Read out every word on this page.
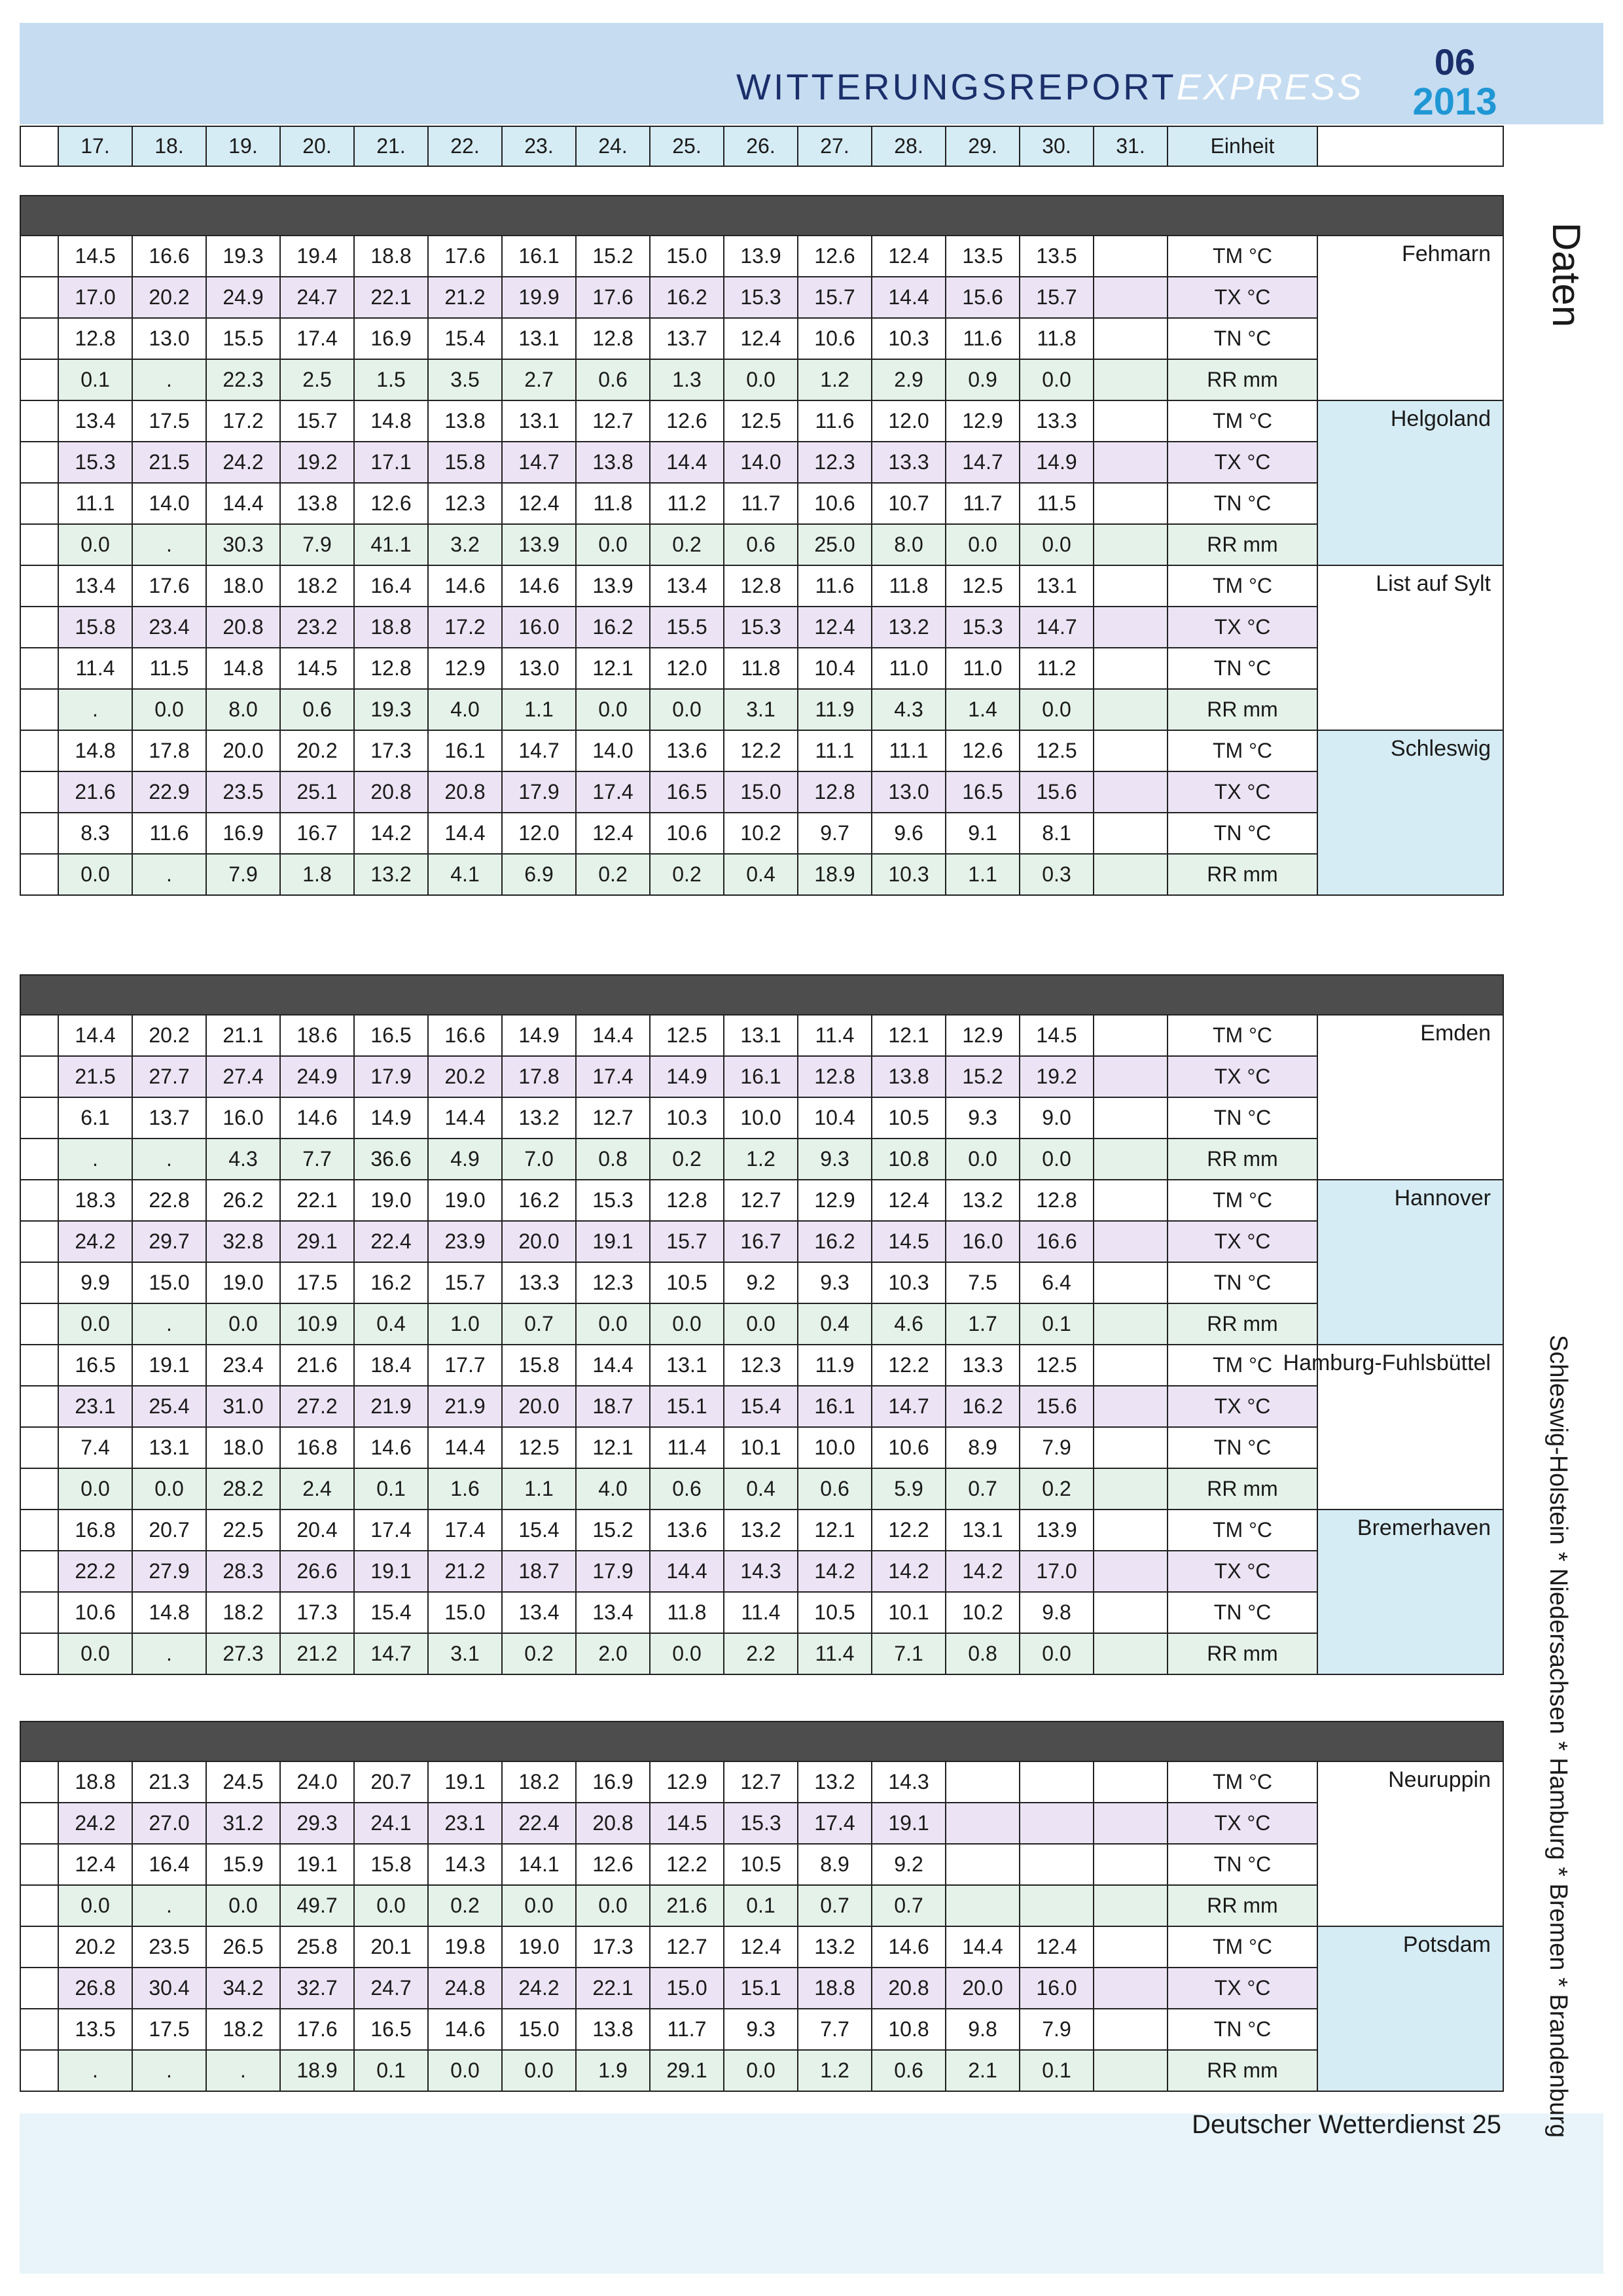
WITTERUNGSREPORTEXPRESS
06
2013
Daten
Schleswig-Holstein * Niedersachsen * Hamburg * Bremen * Brandenburg
17.	18.	19.	20.	21.	22.	23.	24.	25.	26.	27.	28.	29.	30.	31.	Einheit
14.5	16.6	19.3	19.4	18.8	17.6	16.1	15.2	15.0	13.9	12.6	12.4	13.5	13.5	TM °C	Fehmarn
17.0	20.2	24.9	24.7	22.1	21.2	19.9	17.6	16.2	15.3	15.7	14.4	15.6	15.7	TX °C
12.8	13.0	15.5	17.4	16.9	15.4	13.1	12.8	13.7	12.4	10.6	10.3	11.6	11.8	TN °C
0.1	.	22.3	2.5	1.5	3.5	2.7	0.6	1.3	0.0	1.2	2.9	0.9	0.0	RR mm
13.4	17.5	17.2	15.7	14.8	13.8	13.1	12.7	12.6	12.5	11.6	12.0	12.9	13.3	TM °C	Helgoland
15.3	21.5	24.2	19.2	17.1	15.8	14.7	13.8	14.4	14.0	12.3	13.3	14.7	14.9	TX °C
11.1	14.0	14.4	13.8	12.6	12.3	12.4	11.8	11.2	11.7	10.6	10.7	11.7	11.5	TN °C
0.0	.	30.3	7.9	41.1	3.2	13.9	0.0	0.2	0.6	25.0	8.0	0.0	0.0	RR mm
13.4	17.6	18.0	18.2	16.4	14.6	14.6	13.9	13.4	12.8	11.6	11.8	12.5	13.1	TM °C	List auf Sylt
15.8	23.4	20.8	23.2	18.8	17.2	16.0	16.2	15.5	15.3	12.4	13.2	15.3	14.7	TX °C
11.4	11.5	14.8	14.5	12.8	12.9	13.0	12.1	12.0	11.8	10.4	11.0	11.0	11.2	TN °C
.	0.0	8.0	0.6	19.3	4.0	1.1	0.0	0.0	3.1	11.9	4.3	1.4	0.0	RR mm
14.8	17.8	20.0	20.2	17.3	16.1	14.7	14.0	13.6	12.2	11.1	11.1	12.6	12.5	TM °C	Schleswig
21.6	22.9	23.5	25.1	20.8	20.8	17.9	17.4	16.5	15.0	12.8	13.0	16.5	15.6	TX °C
8.3	11.6	16.9	16.7	14.2	14.4	12.0	12.4	10.6	10.2	9.7	9.6	9.1	8.1	TN °C
0.0	.	7.9	1.8	13.2	4.1	6.9	0.2	0.2	0.4	18.9	10.3	1.1	0.3	RR mm
14.4	20.2	21.1	18.6	16.5	16.6	14.9	14.4	12.5	13.1	11.4	12.1	12.9	14.5	TM °C	Emden
21.5	27.7	27.4	24.9	17.9	20.2	17.8	17.4	14.9	16.1	12.8	13.8	15.2	19.2	TX °C
6.1	13.7	16.0	14.6	14.9	14.4	13.2	12.7	10.3	10.0	10.4	10.5	9.3	9.0	TN °C
.	.	4.3	7.7	36.6	4.9	7.0	0.8	0.2	1.2	9.3	10.8	0.0	0.0	RR mm
18.3	22.8	26.2	22.1	19.0	19.0	16.2	15.3	12.8	12.7	12.9	12.4	13.2	12.8	TM °C	Hannover
24.2	29.7	32.8	29.1	22.4	23.9	20.0	19.1	15.7	16.7	16.2	14.5	16.0	16.6	TX °C
9.9	15.0	19.0	17.5	16.2	15.7	13.3	12.3	10.5	9.2	9.3	10.3	7.5	6.4	TN °C
0.0	.	0.0	10.9	0.4	1.0	0.7	0.0	0.0	0.0	0.4	4.6	1.7	0.1	RR mm
16.5	19.1	23.4	21.6	18.4	17.7	15.8	14.4	13.1	12.3	11.9	12.2	13.3	12.5	TM °C Hamburg-Fuhlsbüttel
23.1	25.4	31.0	27.2	21.9	21.9	20.0	18.7	15.1	15.4	16.1	14.7	16.2	15.6	TX °C
7.4	13.1	18.0	16.8	14.6	14.4	12.5	12.1	11.4	10.1	10.0	10.6	8.9	7.9	TN °C
0.0	0.0	28.2	2.4	0.1	1.6	1.1	4.0	0.6	0.4	0.6	5.9	0.7	0.2	RR mm
16.8	20.7	22.5	20.4	17.4	17.4	15.4	15.2	13.6	13.2	12.1	12.2	13.1	13.9	TM °C	Bremerhaven
22.2	27.9	28.3	26.6	19.1	21.2	18.7	17.9	14.4	14.3	14.2	14.2	14.2	17.0	TX °C
10.6	14.8	18.2	17.3	15.4	15.0	13.4	13.4	11.8	11.4	10.5	10.1	10.2	9.8	TN °C
0.0	.	27.3	21.2	14.7	3.1	0.2	2.0	0.0	2.2	11.4	7.1	0.8	0.0	RR mm
18.8	21.3	24.5	24.0	20.7	19.1	18.2	16.9	12.9	12.7	13.2	14.3	TM °C	Neuruppin
24.2	27.0	31.2	29.3	24.1	23.1	22.4	20.8	14.5	15.3	17.4	19.1	TX °C
12.4	16.4	15.9	19.1	15.8	14.3	14.1	12.6	12.2	10.5	8.9	9.2	TN °C
0.0	.	0.0	49.7	0.0	0.2	0.0	0.0	21.6	0.1	0.7	0.7	RR mm
20.2	23.5	26.5	25.8	20.1	19.8	19.0	17.3	12.7	12.4	13.2	14.6	14.4	12.4	TM °C	Potsdam
26.8	30.4	34.2	32.7	24.7	24.8	24.2	22.1	15.0	15.1	18.8	20.8	20.0	16.0	TX °C
13.5	17.5	18.2	17.6	16.5	14.6	15.0	13.8	11.7	9.3	7.7	10.8	9.8	7.9	TN °C
.	.	.	18.9	0.1	0.0	0.0	1.9	29.1	0.0	1.2	0.6	2.1	0.1	RR mm
Deutscher Wetterdienst 25
